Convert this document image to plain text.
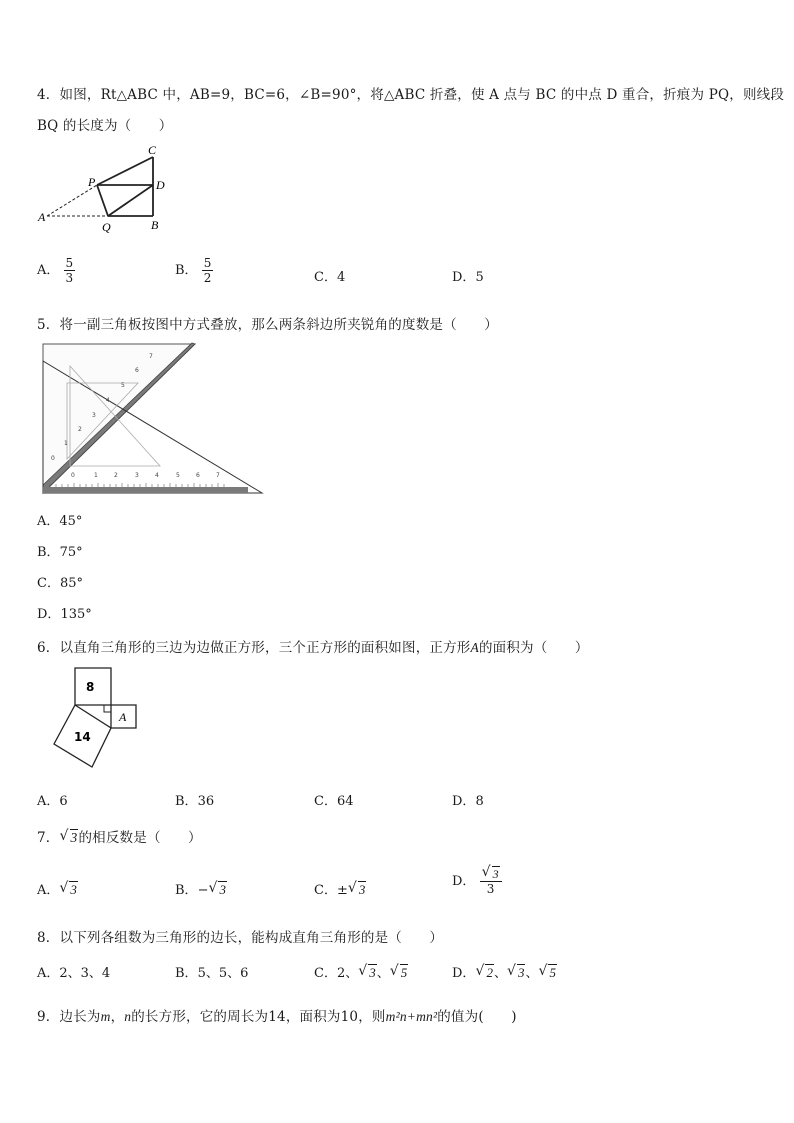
4．如图，Rt△ABC 中，AB=9，BC=6，∠B=90°，将△ABC 折叠，使 A 点与 BC 的中点 D 重合，折痕为 PQ，则线段
BQ 的长度为（　　）
C
P	D
A
Q	B
A． $\frac{5}{3}$	B． $\frac{5}{2}$	C．4	D．5
5．将一副三角板按图中方式叠放，那么两条斜边所夹锐角的度数是（　　）
0	1	2	3	4	5	6	7
0
1
2
3
4
5
6
7
A．45°
B．75°
C．85°
D．135°
6．以直角三角形的三边为边做正方形，三个正方形的面积如图，正方形A的面积为（　　）
8
14
A
A．6	B．36	C．64	D．8
7． √ 3的相反数是（　　）
A． √ 3	B．− √ 3	C．± √ 3
D． $\frac{√ 3}{3}$
8．以下列各组数为三角形的边长，能构成直角三角形的是（　　）
A．2、3、4	B．5、5、6	C．2、 √ 3、 √ 5	D． √ 2、 √ 3、 √ 5
9．边长为m，n的长方形，它的周长为14，面积为10，则m²n+mn²的值为(　　)
